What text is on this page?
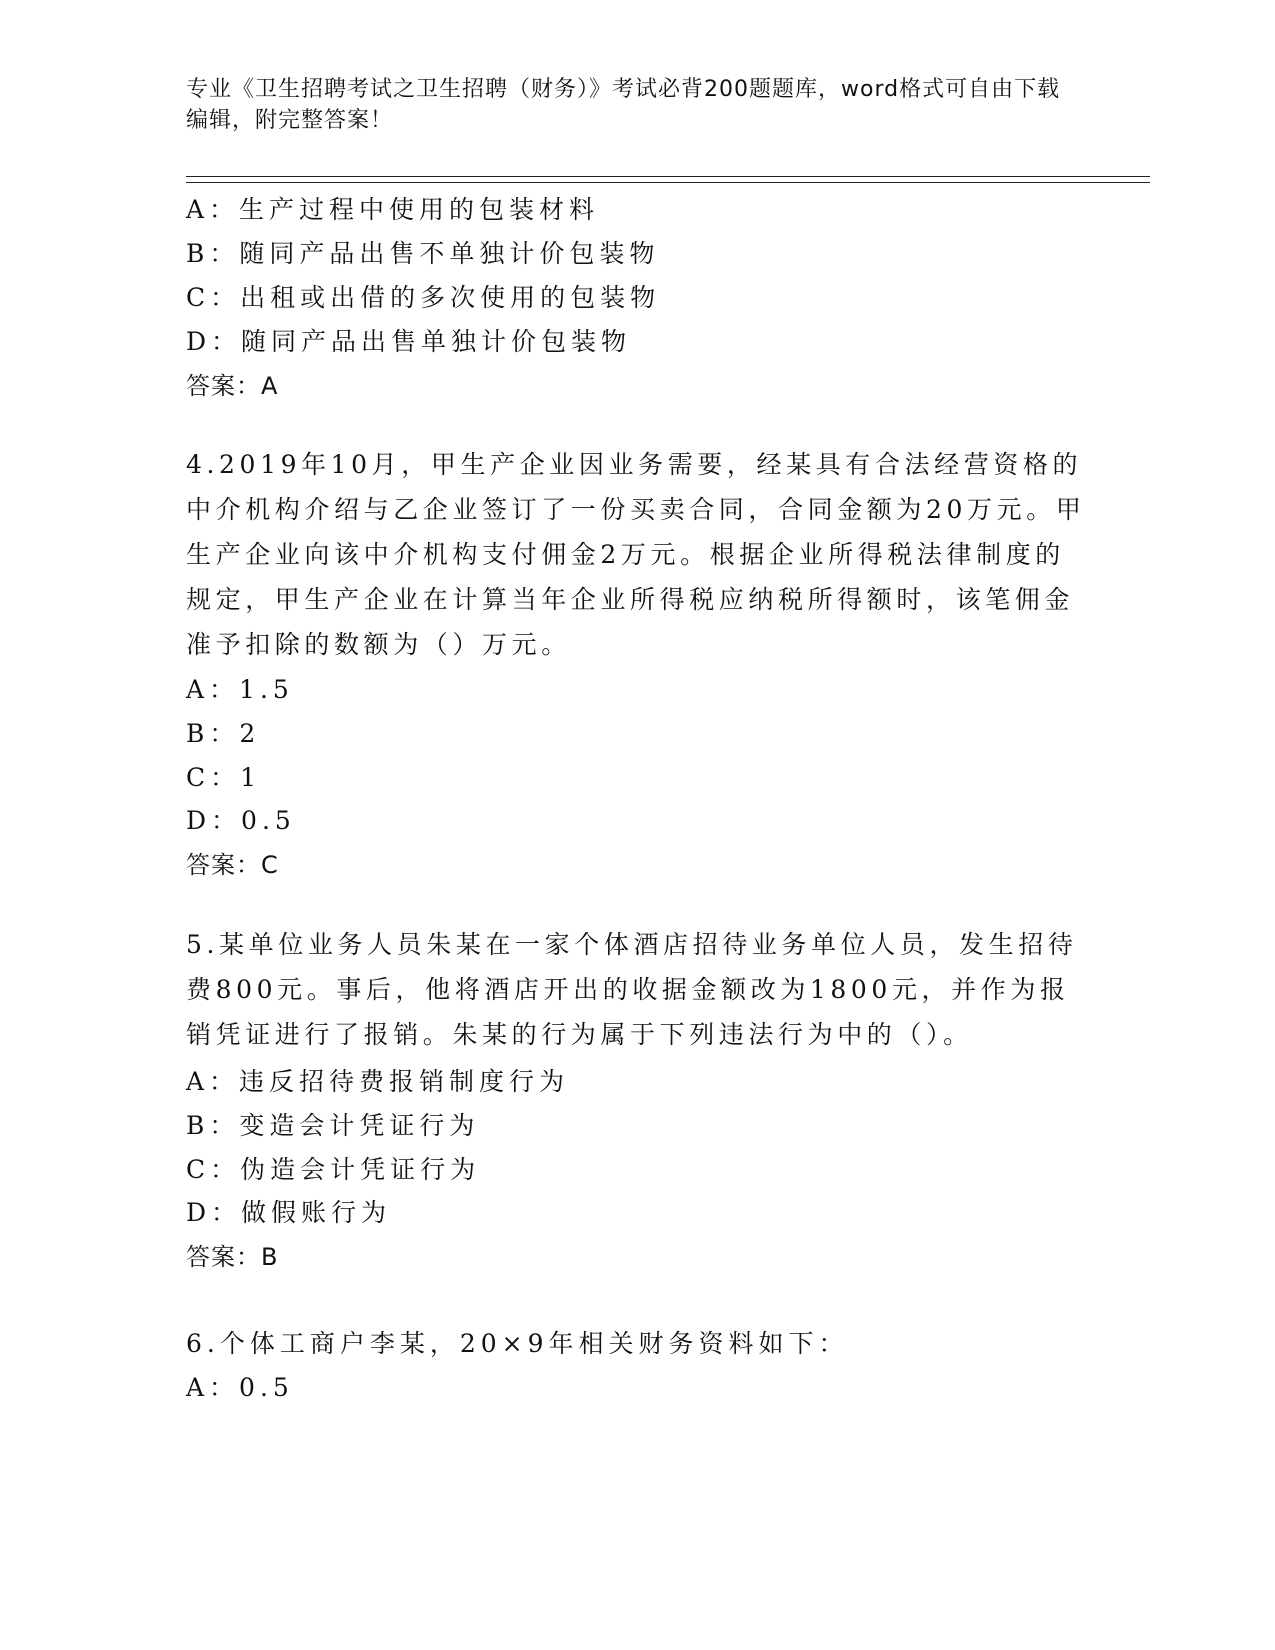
专业《卫生招聘考试之卫生招聘（财务）》考试必背200题题库，word格式可自由下载编辑，附完整答案！
A：生产过程中使用的包装材料
B：随同产品出售不单独计价包装物
C：出租或出借的多次使用的包装物
D：随同产品出售单独计价包装物
答案：A
4.2019年10月，甲生产企业因业务需要，经某具有合法经营资格的中介机构介绍与乙企业签订了一份买卖合同，合同金额为20万元。甲生产企业向该中介机构支付佣金2万元。根据企业所得税法律制度的规定，甲生产企业在计算当年企业所得税应纳税所得额时，该笔佣金准予扣除的数额为（）万元。
A：1.5
B：2
C：1
D：0.5
答案：C
5.某单位业务人员朱某在一家个体酒店招待业务单位人员，发生招待费800元。事后，他将酒店开出的收据金额改为1800元，并作为报销凭证进行了报销。朱某的行为属于下列违法行为中的（）。
A：违反招待费报销制度行为
B：变造会计凭证行为
C：伪造会计凭证行为
D：做假账行为
答案：B
6.个体工商户李某，20×9年相关财务资料如下：
A：0.5
